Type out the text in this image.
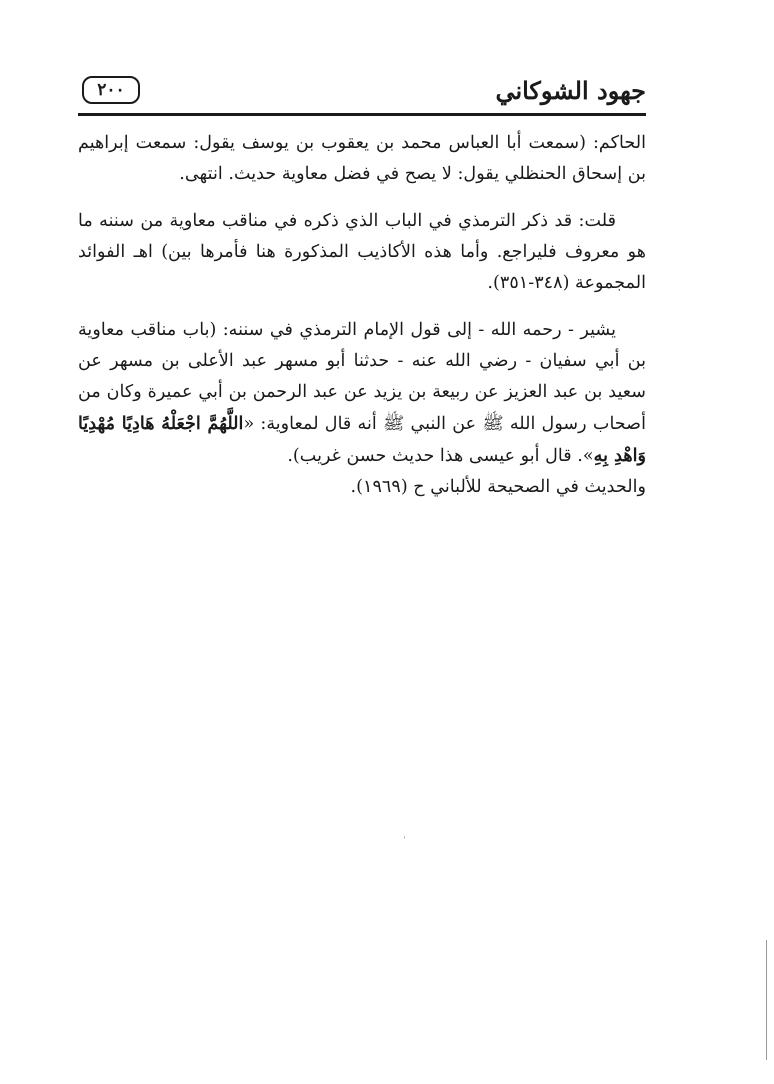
جهود الشوكاني
٢٠٠

الحاكم: (سمعت أبا العباس محمد بن يعقوب بن يوسف يقول: سمعت إبراهيم بن إسحاق الحنظلي يقول: لا يصح في فضل معاوية حديث. انتهى.

قلت: قد ذكر الترمذي في الباب الذي ذكره في مناقب معاوية من سننه ما هو معروف فليراجع. وأما هذه الأكاذيب المذكورة هنا فأمرها بين) اهـ الفوائد المجموعة (٣٤٨-٣٥١).

يشير - رحمه الله - إلى قول الإمام الترمذي في سننه: (باب مناقب معاوية بن أبي سفيان - رضي الله عنه - حدثنا أبو مسهر عبد الأعلى بن مسهر عن سعيد بن عبد العزيز عن ربيعة بن يزيد عن عبد الرحمن بن أبي عميرة وكان من أصحاب رسول الله ﷺ عن النبي ﷺ أنه قال لمعاوية: «اللَّهُمَّ اجْعَلْهُ هَادِيًا مُهْدِيًا وَاهْدِ بِهِ». قال أبو عيسى هذا حديث حسن غريب).

والحديث في الصحيحة للألباني ح (١٩٦٩).
